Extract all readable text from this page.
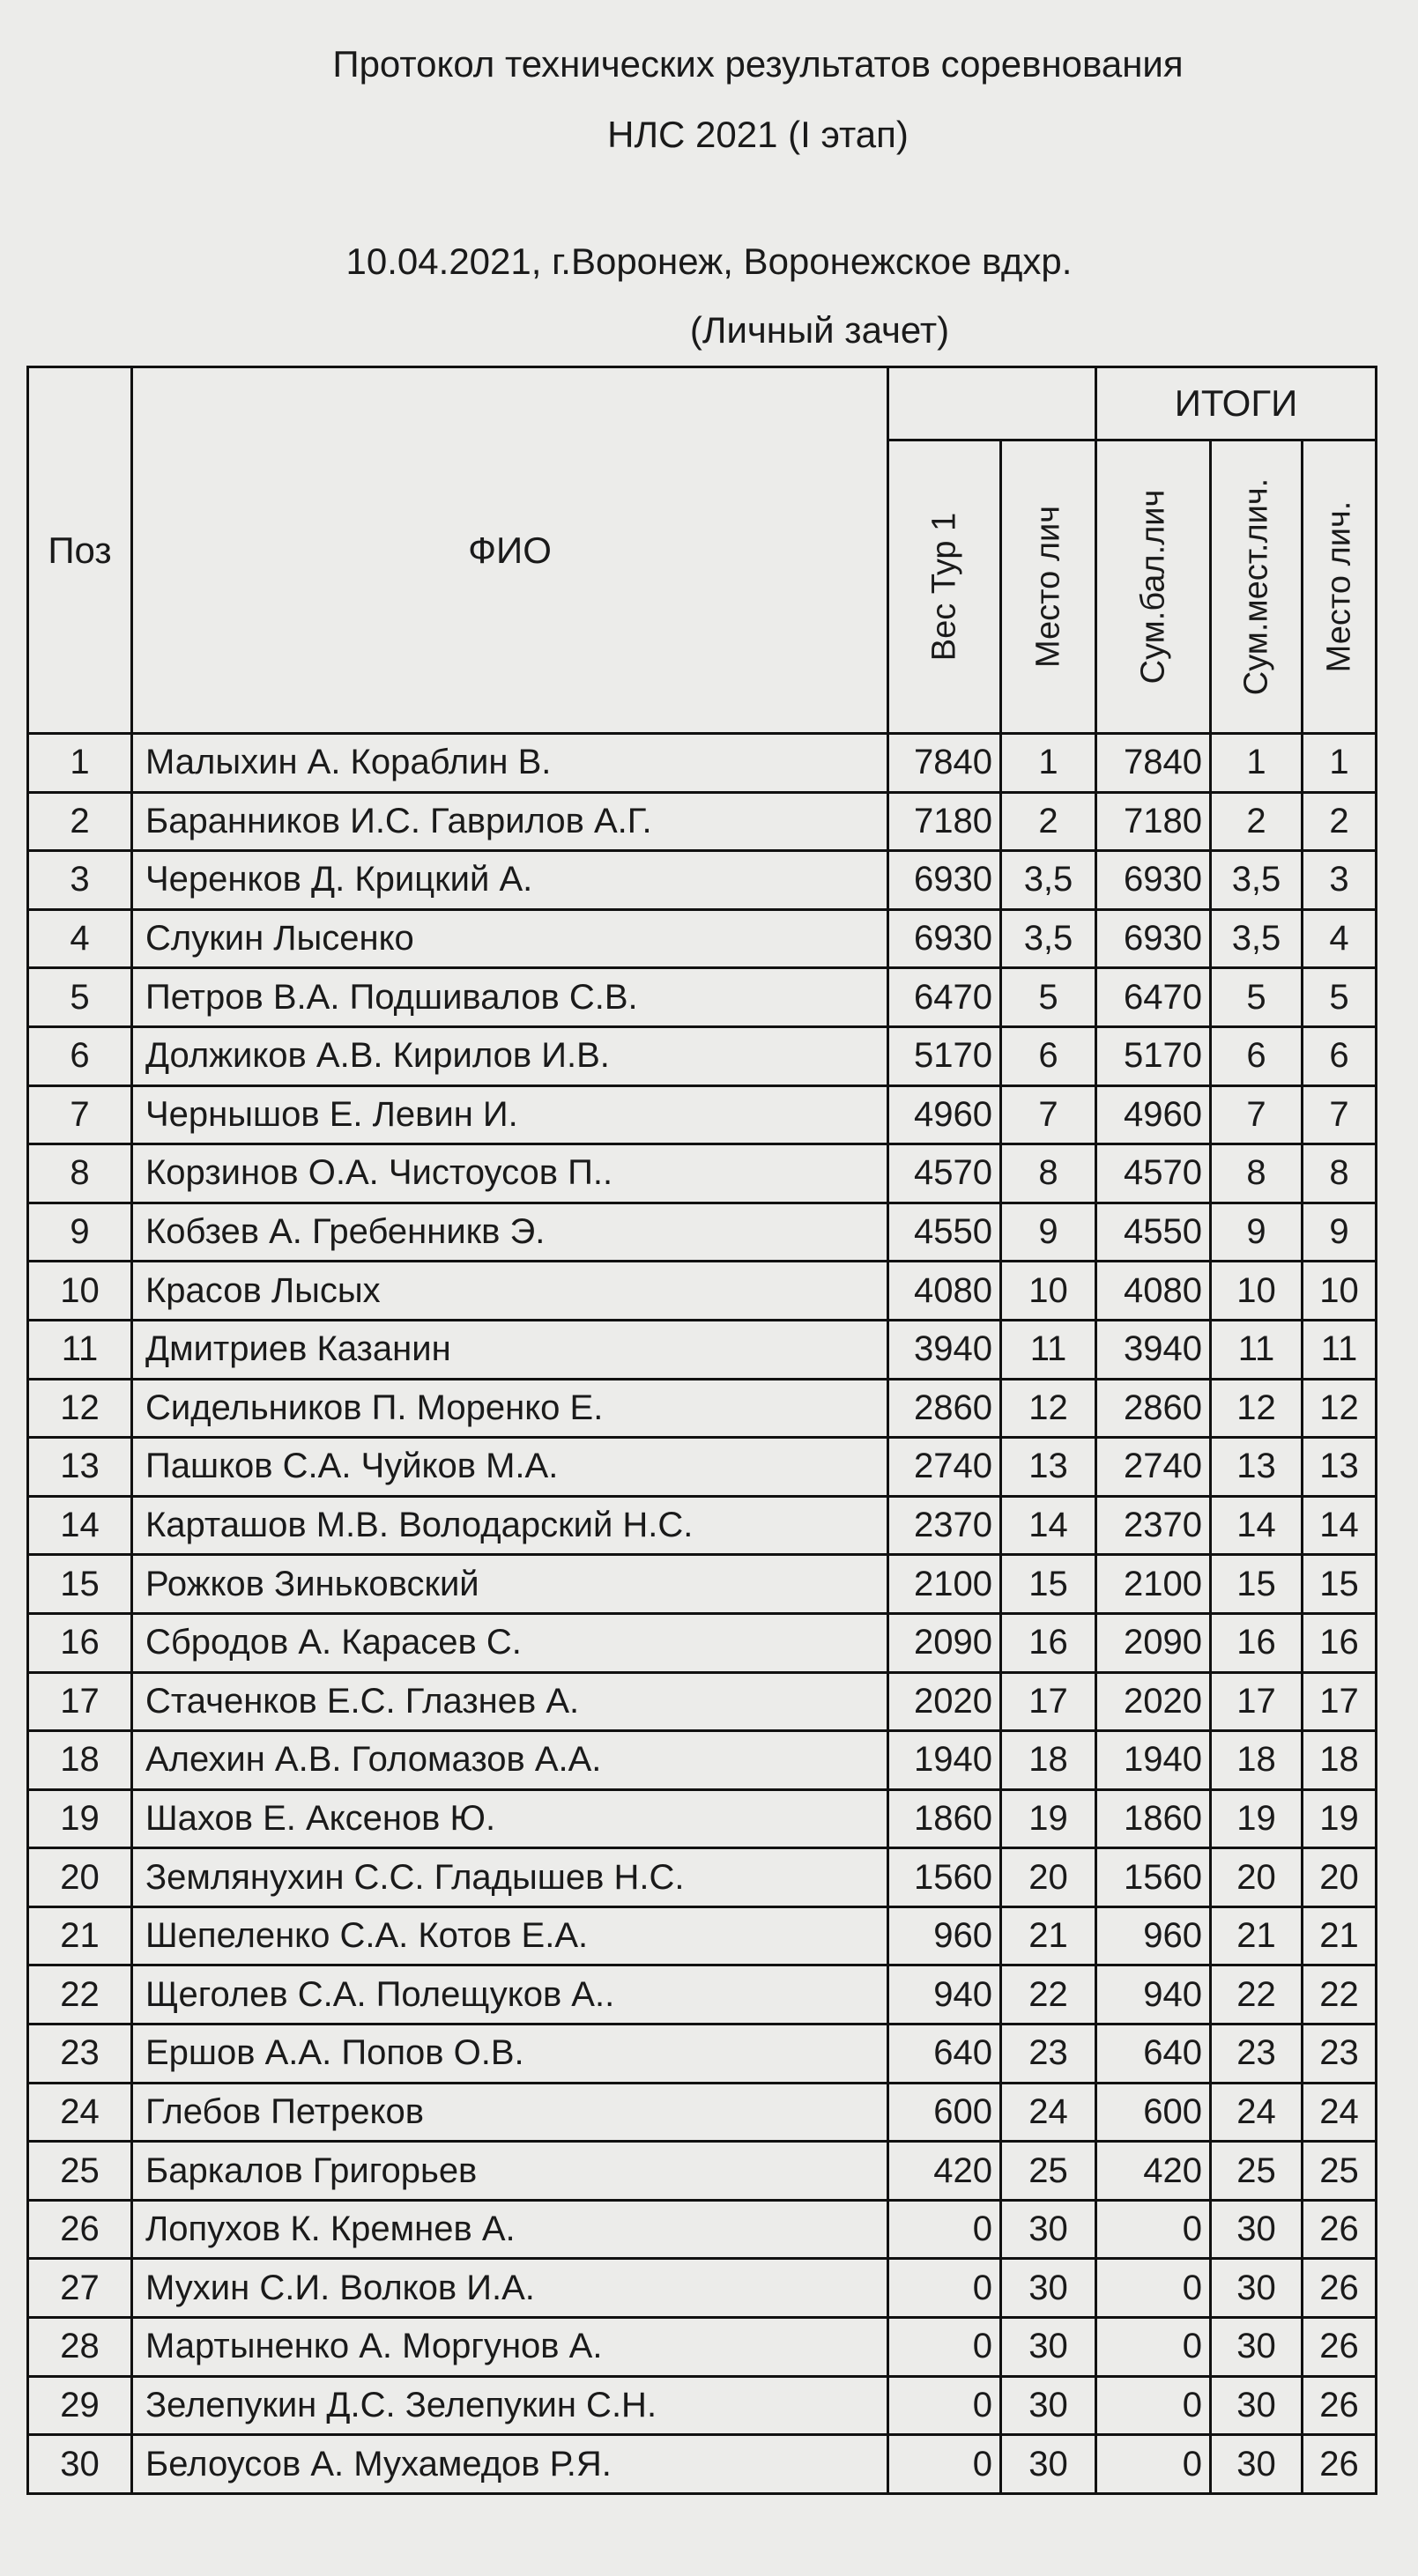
Протокол технических результатов соревнования
НЛС 2021 (I этап)
10.04.2021, г.Воронеж, Воронежское вдхр.
(Личный зачет)
Поз	ФИО			ИТОГИ		

		Вес Тур 1	Место лич	Сум.бал.лич	Сум.мест.лич.	Место лич.

1	Малыхин А. Кораблин В.	7840	1	7840	1	1
2	Баранников И.С. Гаврилов А.Г.	7180	2	7180	2	2
3	Черенков Д. Крицкий А.	6930	3,5	6930	3,5	3
4	Слукин Лысенко	6930	3,5	6930	3,5	4
5	Петров В.А. Подшивалов С.В.	6470	5	6470	5	5
6	Должиков А.В. Кирилов И.В.	5170	6	5170	6	6
7	Чернышов Е. Левин И.	4960	7	4960	7	7
8	Корзинов О.А. Чистоусов П..	4570	8	4570	8	8
9	Кобзев А. Гребенникв Э.	4550	9	4550	9	9
10	Красов Лысых	4080	10	4080	10	10
11	Дмитриев Казанин	3940	11	3940	11	11
12	Сидельников П. Моренко Е.	2860	12	2860	12	12
13	Пашков С.А. Чуйков М.А.	2740	13	2740	13	13
14	Карташов М.В. Володарский Н.С.	2370	14	2370	14	14
15	Рожков Зиньковский	2100	15	2100	15	15
16	Сбродов А. Карасев С.	2090	16	2090	16	16
17	Стаченков Е.С. Глазнев А.	2020	17	2020	17	17
18	Алехин А.В. Голомазов А.А.	1940	18	1940	18	18
19	Шахов Е. Аксенов Ю.	1860	19	1860	19	19
20	Землянухин С.С. Гладышев Н.С.	1560	20	1560	20	20
21	Шепеленко С.А. Котов Е.А.	960	21	960	21	21
22	Щеголев С.А. Полещуков А..	940	22	940	22	22
23	Ершов А.А. Попов О.В.	640	23	640	23	23
24	Глебов Петреков	600	24	600	24	24
25	Баркалов Григорьев	420	25	420	25	25
26	Лопухов К. Кремнев А.	0	30	0	30	26
27	Мухин С.И. Волков И.А.	0	30	0	30	26
28	Мартыненко А. Моргунов А.	0	30	0	30	26
29	Зелепукин Д.С. Зелепукин С.Н.	0	30	0	30	26
30	Белоусов А. Мухамедов Р.Я.	0	30	0	30	26
